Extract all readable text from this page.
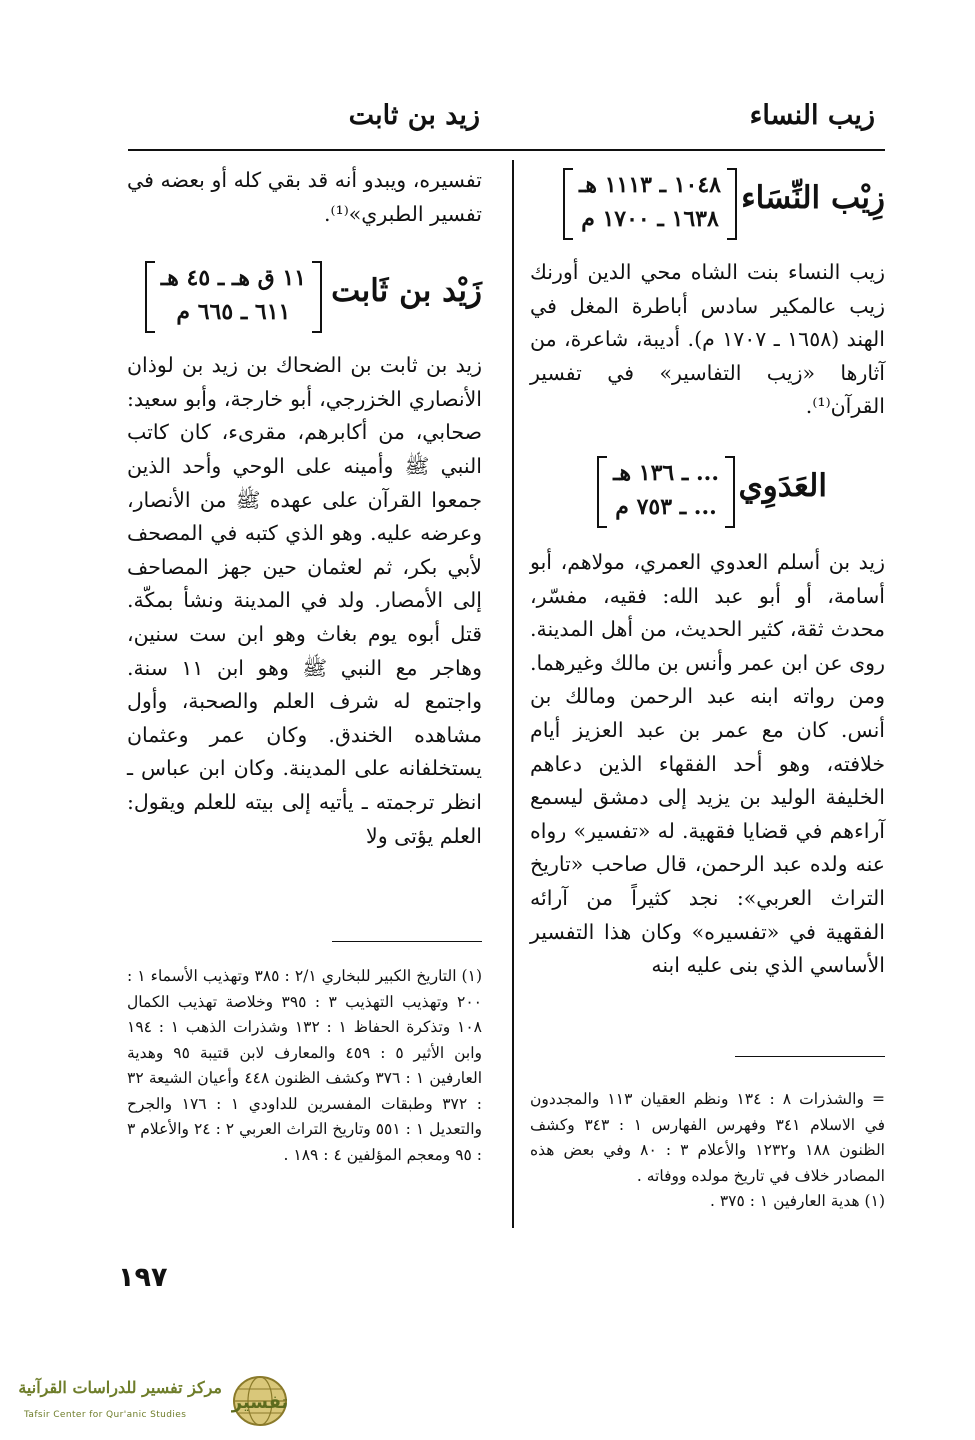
زيب النساء
زيد بن ثابت
زِيْب النِّسَاء
١٠٤٨ ـ ١١١٣ هـ
١٦٣٨ ـ ١٧٠٠ م

زيب النساء بنت الشاه محي الدين أورنك زيب عالمكير سادس أباطرة المغل في الهند (١٦٥٨ ـ ١٧٠٧ م). أديبة، شاعرة، من آثارها «زيب التفاسير» في تفسير القرآن⁽¹⁾.

العَدَوِي
... ـ ١٣٦ هـ
... ـ ٧٥٣ م

زيد بن أسلم العدوي العمري، مولاهم، أبو أسامة، أو أبو عبد الله: فقيه، مفسّر، محدث ثقة، كثير الحديث، من أهل المدينة. روى عن ابن عمر وأنس بن مالك وغيرهما. ومن رواته ابنه عبد الرحمن ومالك بن أنس. كان مع عمر بن عبد العزيز أيام خلافته، وهو أحد الفقهاء الذين دعاهم الخليفة الوليد بن يزيد إلى دمشق ليسمع آراءهم في قضايا فقهية. له «تفسير» رواه عنه ولده عبد الرحمن، قال صاحب «تاريخ التراث العربي»: نجد كثيراً من آرائه الفقهية في «تفسيره» وكان هذا التفسير الأساسي الذي بنى عليه ابنه

= والشذرات ٨ : ١٣٤ ونظم العقيان ١١٣ والمجددون في الاسلام ٣٤١ وفهرس الفهارس ١ : ٣٤٣ وكشف الظنون ١٨٨ و١٢٣٢ والأعلام ٣ : ٨٠ وفي بعض هذه المصادر خلاف في تاريخ مولده ووفاته .

(١) هدية العارفين ١ : ٣٧٥ .

تفسيره، ويبدو أنه قد بقي كله أو بعضه في تفسير الطبري»⁽¹⁾.

زَيْد بن ثَابت
١١ ق هـ ـ ٤٥ هـ
٦١١ ـ ٦٦٥ م

زيد بن ثابت بن الضحاك بن زيد بن لوذان الأنصاري الخزرجي، أبو خارجة، وأبو سعيد: صحابي، من أكابرهم، مقرىء، كان كاتب النبي ﷺ وأمينه على الوحي وأحد الذين جمعوا القرآن على عهده ﷺ من الأنصار، وعرضه عليه. وهو الذي كتبه في المصحف لأبي بكر، ثم لعثمان حين جهز المصاحف إلى الأمصار. ولد في المدينة ونشأ بمكّة. قتل أبوه يوم بغاث وهو ابن ست سنين، وهاجر مع النبي ﷺ وهو ابن ١١ سنة. واجتمع له شرف العلم والصحبة، وأول مشاهده الخندق. وكان عمر وعثمان يستخلفانه على المدينة. وكان ابن عباس ـ انظر ترجمته ـ يأتيه إلى بيته للعلم ويقول: العلم يؤتى ولا

(١) التاريخ الكبير للبخاري ٢/١ : ٣٨٥ وتهذيب الأسماء ١ : ٢٠٠ وتهذيب التهذيب ٣ : ٣٩٥ وخلاصة تهذيب الكمال ١٠٨ وتذكرة الحفاظ ١ : ١٣٢ وشذرات الذهب ١ : ١٩٤ وابن الأثير ٥ : ٤٥٩ والمعارف لابن قتيبة ٩٥ وهدية العارفين ١ : ٣٧٦ وكشف الظنون ٤٤٨ وأعيان الشيعة ٣٢ : ٣٧٢ وطبقات المفسرين للداودي ١ : ١٧٦ والجرح والتعديل ١ : ٥٥١ وتاريخ التراث العربي ٢ : ٢٤ والأعلام ٣ : ٩٥ ومعجم المؤلفين ٤ : ١٨٩ .

١٩٧
تفسير
مركز تفسير للدراسات القرآنية
Tafsir Center for Qur'anic Studies
